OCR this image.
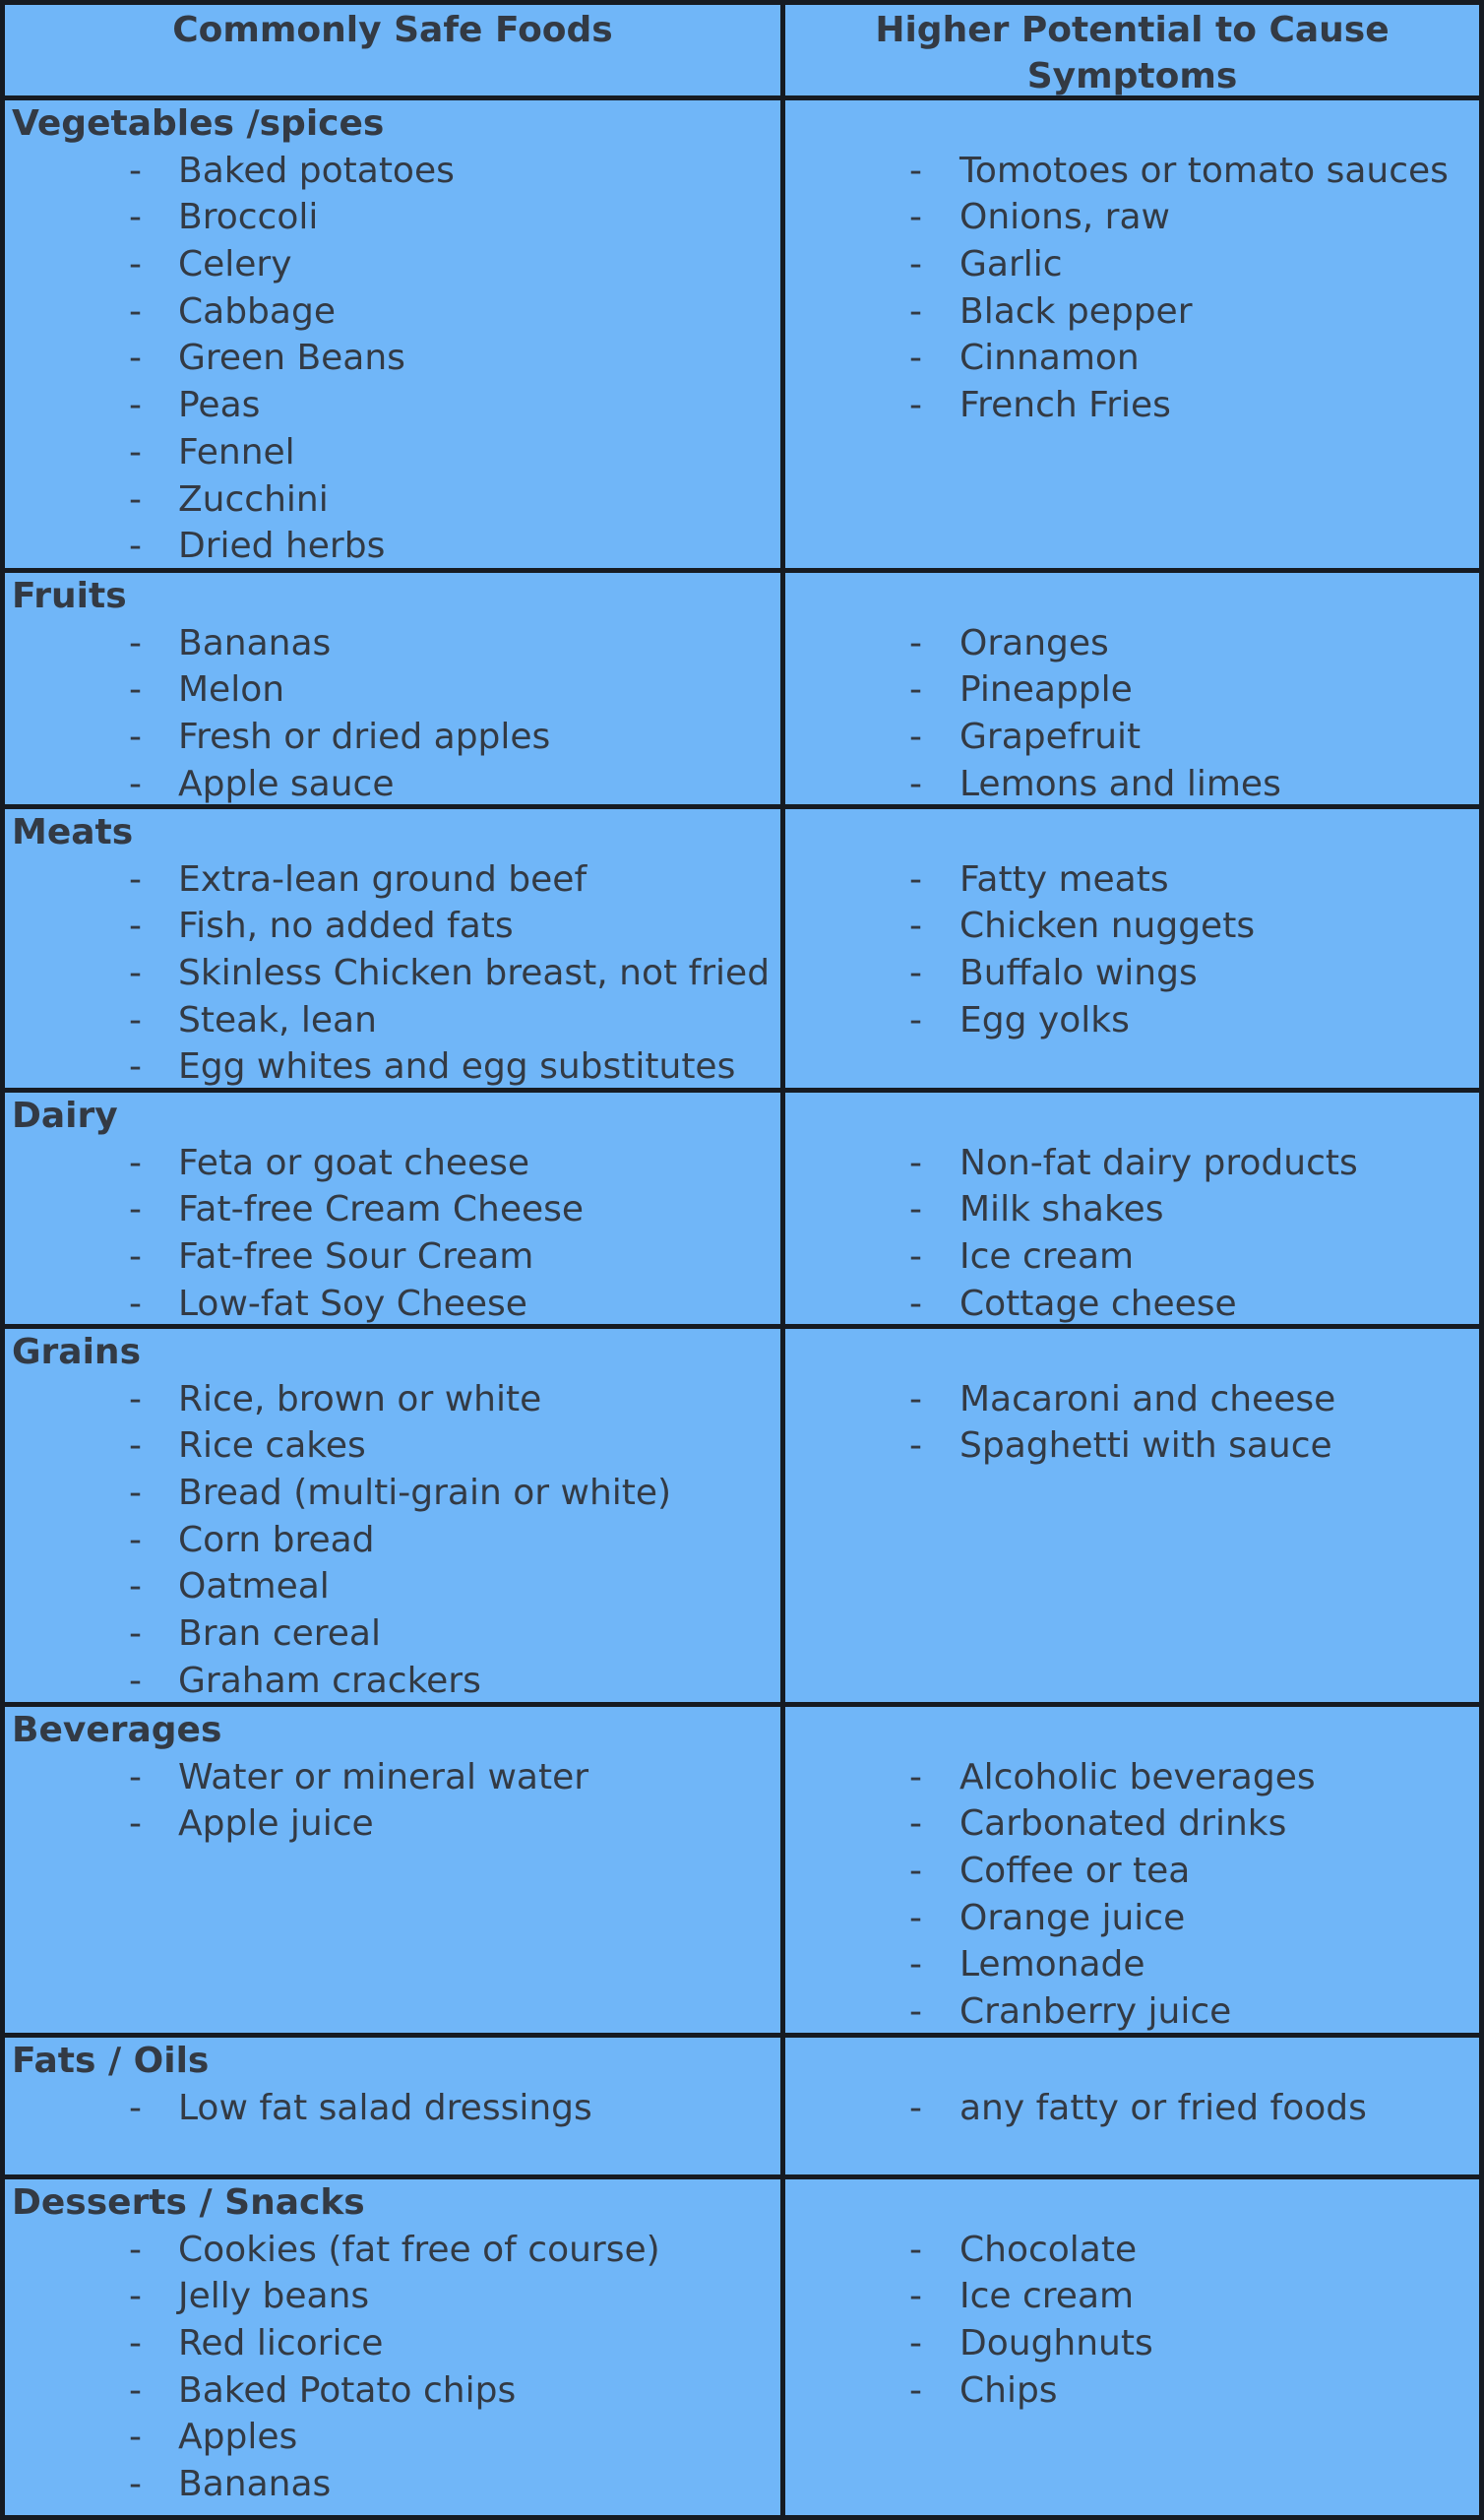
Commonly Safe Foods	Higher Potential to Cause Symptoms
Vegetables /spices
- Baked potatoes
- Broccoli
- Celery
- Cabbage
- Green Beans
- Peas
- Fennel
- Zucchini
- Dried herbs
- Tomotoes or tomato sauces
- Onions, raw
- Garlic
- Black pepper
- Cinnamon
- French Fries
Fruits
- Bananas
- Melon
- Fresh or dried apples
- Apple sauce
- Oranges
- Pineapple
- Grapefruit
- Lemons and limes
Meats
- Extra-lean ground beef
- Fish, no added fats
- Skinless Chicken breast, not fried
- Steak, lean
- Egg whites and egg substitutes
- Fatty meats
- Chicken nuggets
- Buffalo wings
- Egg yolks
Dairy
- Feta or goat cheese
- Fat-free Cream Cheese
- Fat-free Sour Cream
- Low-fat Soy Cheese
- Non-fat dairy products
- Milk shakes
- Ice cream
- Cottage cheese
Grains
- Rice, brown or white
- Rice cakes
- Bread (multi-grain or white)
- Corn bread
- Oatmeal
- Bran cereal
- Graham crackers
- Macaroni and cheese
- Spaghetti with sauce
Beverages
- Water or mineral water
- Apple juice
- Alcoholic beverages
- Carbonated drinks
- Coffee or tea
- Orange juice
- Lemonade
- Cranberry juice
Fats / Oils
- Low fat salad dressings	- any fatty or fried foods
Desserts / Snacks
- Cookies (fat free of course)
- Jelly beans
- Red licorice
- Baked Potato chips
- Apples
- Bananas
- Chocolate
- Ice cream
- Doughnuts
- Chips
